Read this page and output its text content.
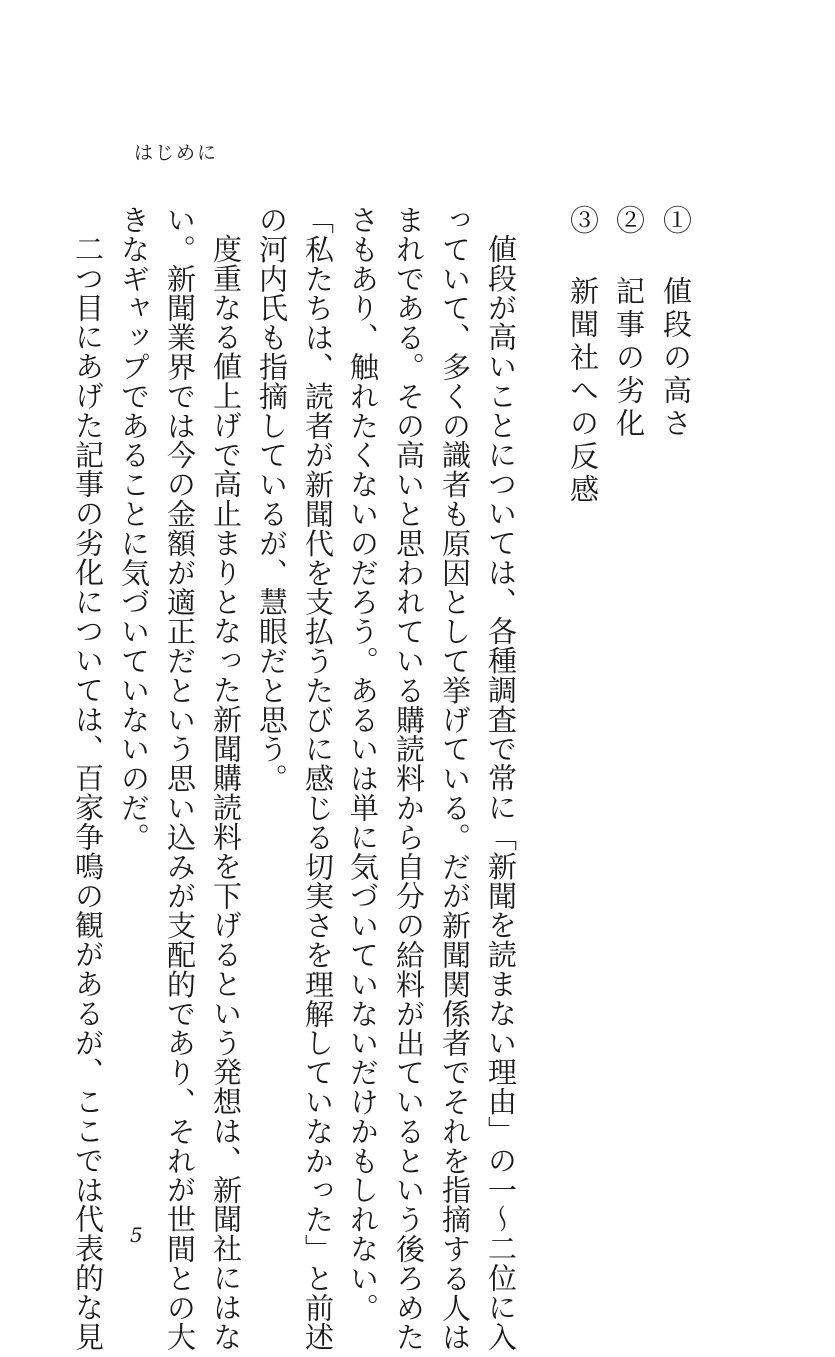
はじめに

① 値段の高さ

② 記事の劣化

③ 新聞社への反感

値段が高いことについては、各種調査で常に「新聞を読まない理由」の一～二位に入

っていて、多くの識者も原因として挙げている。だが新聞関係者でそれを指摘する人は

まれである。その高いと思われている購読料から自分の給料が出ているという後ろめた

さもあり、触れたくないのだろう。あるいは単に気づいていないだけかもしれない。

「私たちは、読者が新聞代を支払うたびに感じる切実さを理解していなかった」と前述

の河内氏も指摘しているが、慧眼だと思う。

度重なる値上げで高止まりとなった新聞購読料を下げるという発想は、新聞社にはな

い。新聞業界では今の金額が適正だという思い込みが支配的であり、それが世間との大

きなギャップであることに気づいていないのだ。

二つ目にあげた記事の劣化については、百家争鳴の観があるが、ここでは代表的な見 5
